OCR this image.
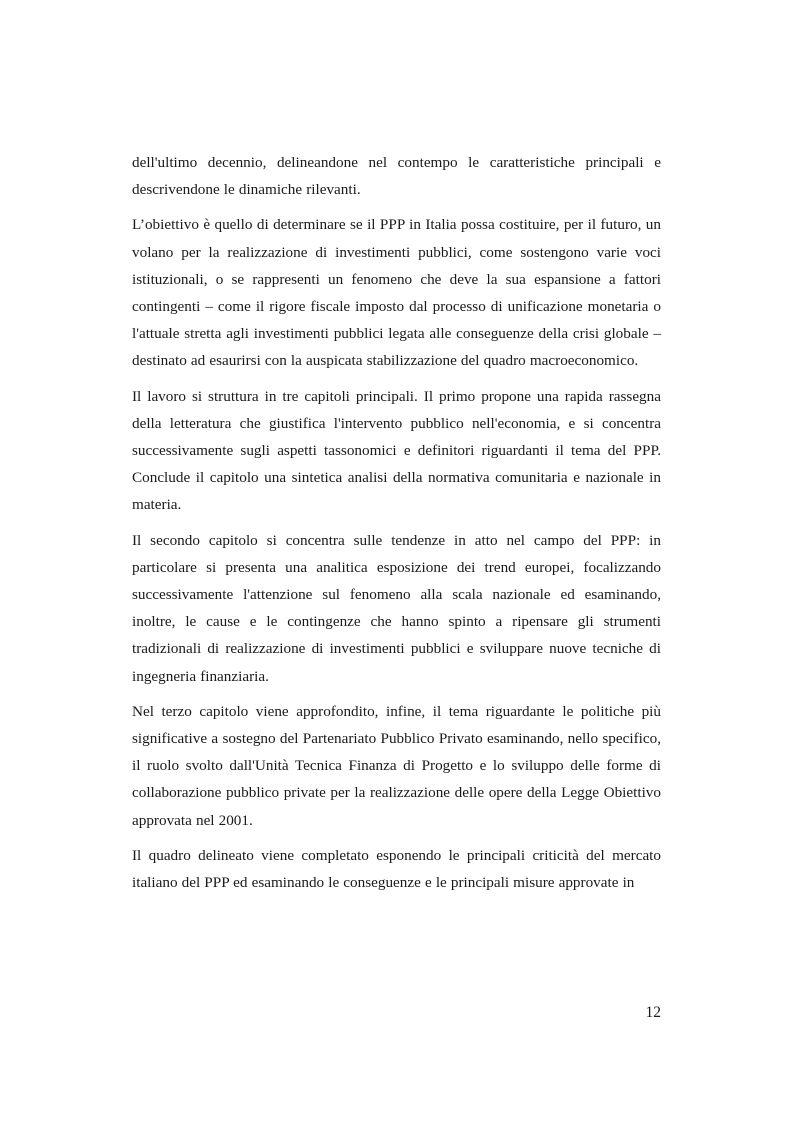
dell'ultimo decennio, delineandone nel contempo le caratteristiche principali e descrivendone le dinamiche rilevanti.

L’obiettivo è quello di determinare se il PPP in Italia possa costituire, per il futuro, un volano per la realizzazione di investimenti pubblici, come sostengono varie voci istituzionali, o se rappresenti un fenomeno che deve la sua espansione a fattori contingenti – come il rigore fiscale imposto dal processo di unificazione monetaria o l'attuale stretta agli investimenti pubblici legata alle conseguenze della crisi globale – destinato ad esaurirsi con la auspicata stabilizzazione del quadro macroeconomico.

Il lavoro si struttura in tre capitoli principali. Il primo propone una rapida rassegna della letteratura che giustifica l'intervento pubblico nell'economia, e si concentra successivamente sugli aspetti tassonomici e definitori riguardanti il tema del PPP. Conclude il capitolo una sintetica analisi della normativa comunitaria e nazionale in materia.

Il secondo capitolo si concentra sulle tendenze in atto nel campo del PPP: in particolare si presenta una analitica esposizione dei trend europei, focalizzando successivamente l'attenzione sul fenomeno alla scala nazionale ed esaminando, inoltre, le cause e le contingenze che hanno spinto a ripensare gli strumenti tradizionali di realizzazione di investimenti pubblici e sviluppare nuove tecniche di ingegneria finanziaria.

Nel terzo capitolo viene approfondito, infine, il tema riguardante le politiche più significative a sostegno del Partenariato Pubblico Privato esaminando, nello specifico, il ruolo svolto dall'Unità Tecnica Finanza di Progetto e lo sviluppo delle forme di collaborazione pubblico private per la realizzazione delle opere della Legge Obiettivo approvata nel 2001.

Il quadro delineato viene completato esponendo le principali criticità del mercato italiano del PPP ed esaminando le conseguenze e le principali misure approvate in

12
